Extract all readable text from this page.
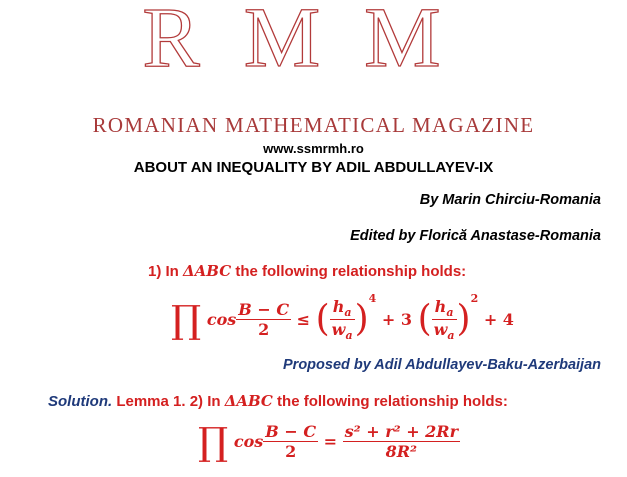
RMM
ROMANIAN MATHEMATICAL MAGAZINE
www.ssmrmh.ro
ABOUT AN INEQUALITY BY ADIL ABDULLAYEV-IX
By Marin Chirciu-Romania
Edited by Florică Anastase-Romania
1) In ΔABC the following relationship holds:
∏ $\cos \frac{B - C}{2}$ ≤ ( $\frac{h_a}{w_a} )^4 + 3$ ( $\frac{h_a}{w_a} )^2 + 4$
Proposed by Adil Abdullayev-Baku-Azerbaijan
Solution. Lemma 1. 2) In ΔABC the following relationship holds:
∏ $\cos \frac{B - C}{2} = \frac{\text{s² + r² + 2Rr}}{\text{8R²}}$
